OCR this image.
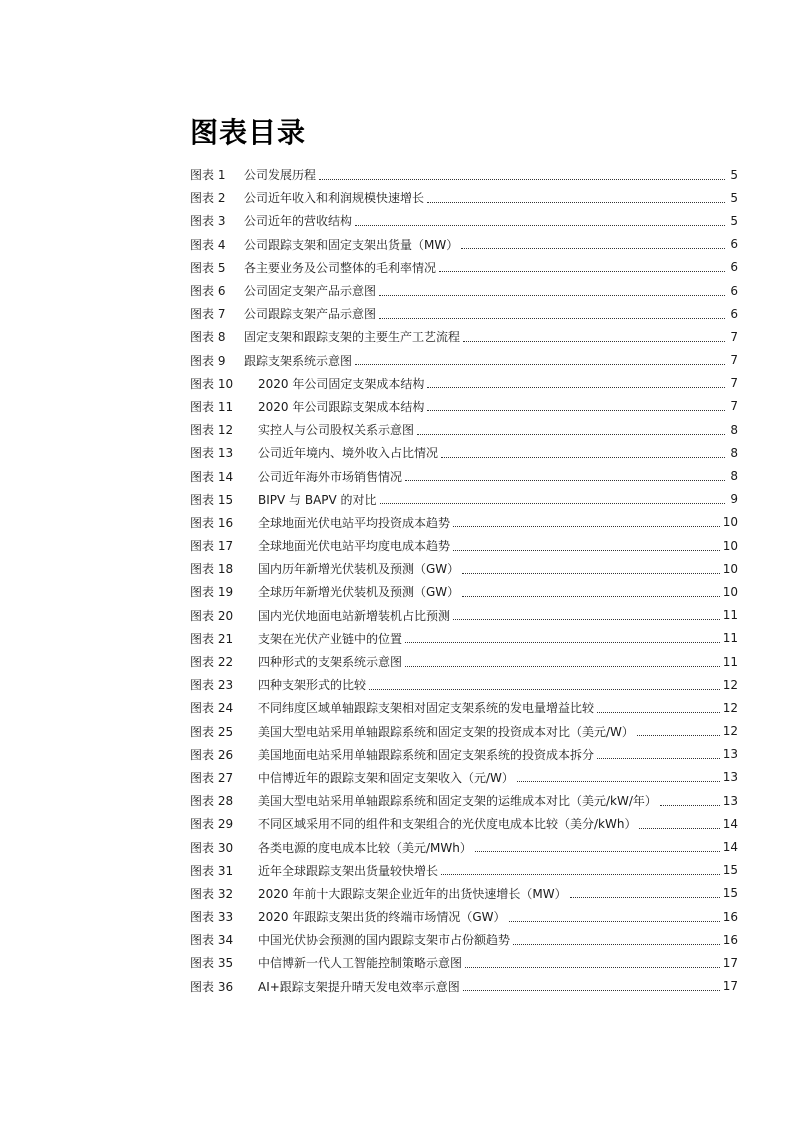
图表目录
图表 1	公司发展历程	5
图表 2	公司近年收入和利润规模快速增长	5
图表 3	公司近年的营收结构	5
图表 4	公司跟踪支架和固定支架出货量（MW）	6
图表 5	各主要业务及公司整体的毛利率情况	6
图表 6	公司固定支架产品示意图	6
图表 7	公司跟踪支架产品示意图	6
图表 8	固定支架和跟踪支架的主要生产工艺流程	7
图表 9	跟踪支架系统示意图	7
图表 10	2020 年公司固定支架成本结构	7
图表 11	2020 年公司跟踪支架成本结构	7
图表 12	实控人与公司股权关系示意图	8
图表 13	公司近年境内、境外收入占比情况	8
图表 14	公司近年海外市场销售情况	8
图表 15	BIPV 与 BAPV 的对比	9
图表 16	全球地面光伏电站平均投资成本趋势	10
图表 17	全球地面光伏电站平均度电成本趋势	10
图表 18	国内历年新增光伏装机及预测（GW）	10
图表 19	全球历年新增光伏装机及预测（GW）	10
图表 20	国内光伏地面电站新增装机占比预测	11
图表 21	支架在光伏产业链中的位置	11
图表 22	四种形式的支架系统示意图	11
图表 23	四种支架形式的比较	12
图表 24	不同纬度区域单轴跟踪支架相对固定支架系统的发电量增益比较	12
图表 25	美国大型电站采用单轴跟踪系统和固定支架的投资成本对比（美元/W）	12
图表 26	美国地面电站采用单轴跟踪系统和固定支架系统的投资成本拆分	13
图表 27	中信博近年的跟踪支架和固定支架收入（元/W）	13
图表 28	美国大型电站采用单轴跟踪系统和固定支架的运维成本对比（美元/kW/年）	13
图表 29	不同区域采用不同的组件和支架组合的光伏度电成本比较（美分/kWh）	14
图表 30	各类电源的度电成本比较（美元/MWh）	14
图表 31	近年全球跟踪支架出货量较快增长	15
图表 32	2020 年前十大跟踪支架企业近年的出货快速增长（MW）	15
图表 33	2020 年跟踪支架出货的终端市场情况（GW）	16
图表 34	中国光伏协会预测的国内跟踪支架市占份额趋势	16
图表 35	中信博新一代人工智能控制策略示意图	17
图表 36	AI+跟踪支架提升晴天发电效率示意图	17
